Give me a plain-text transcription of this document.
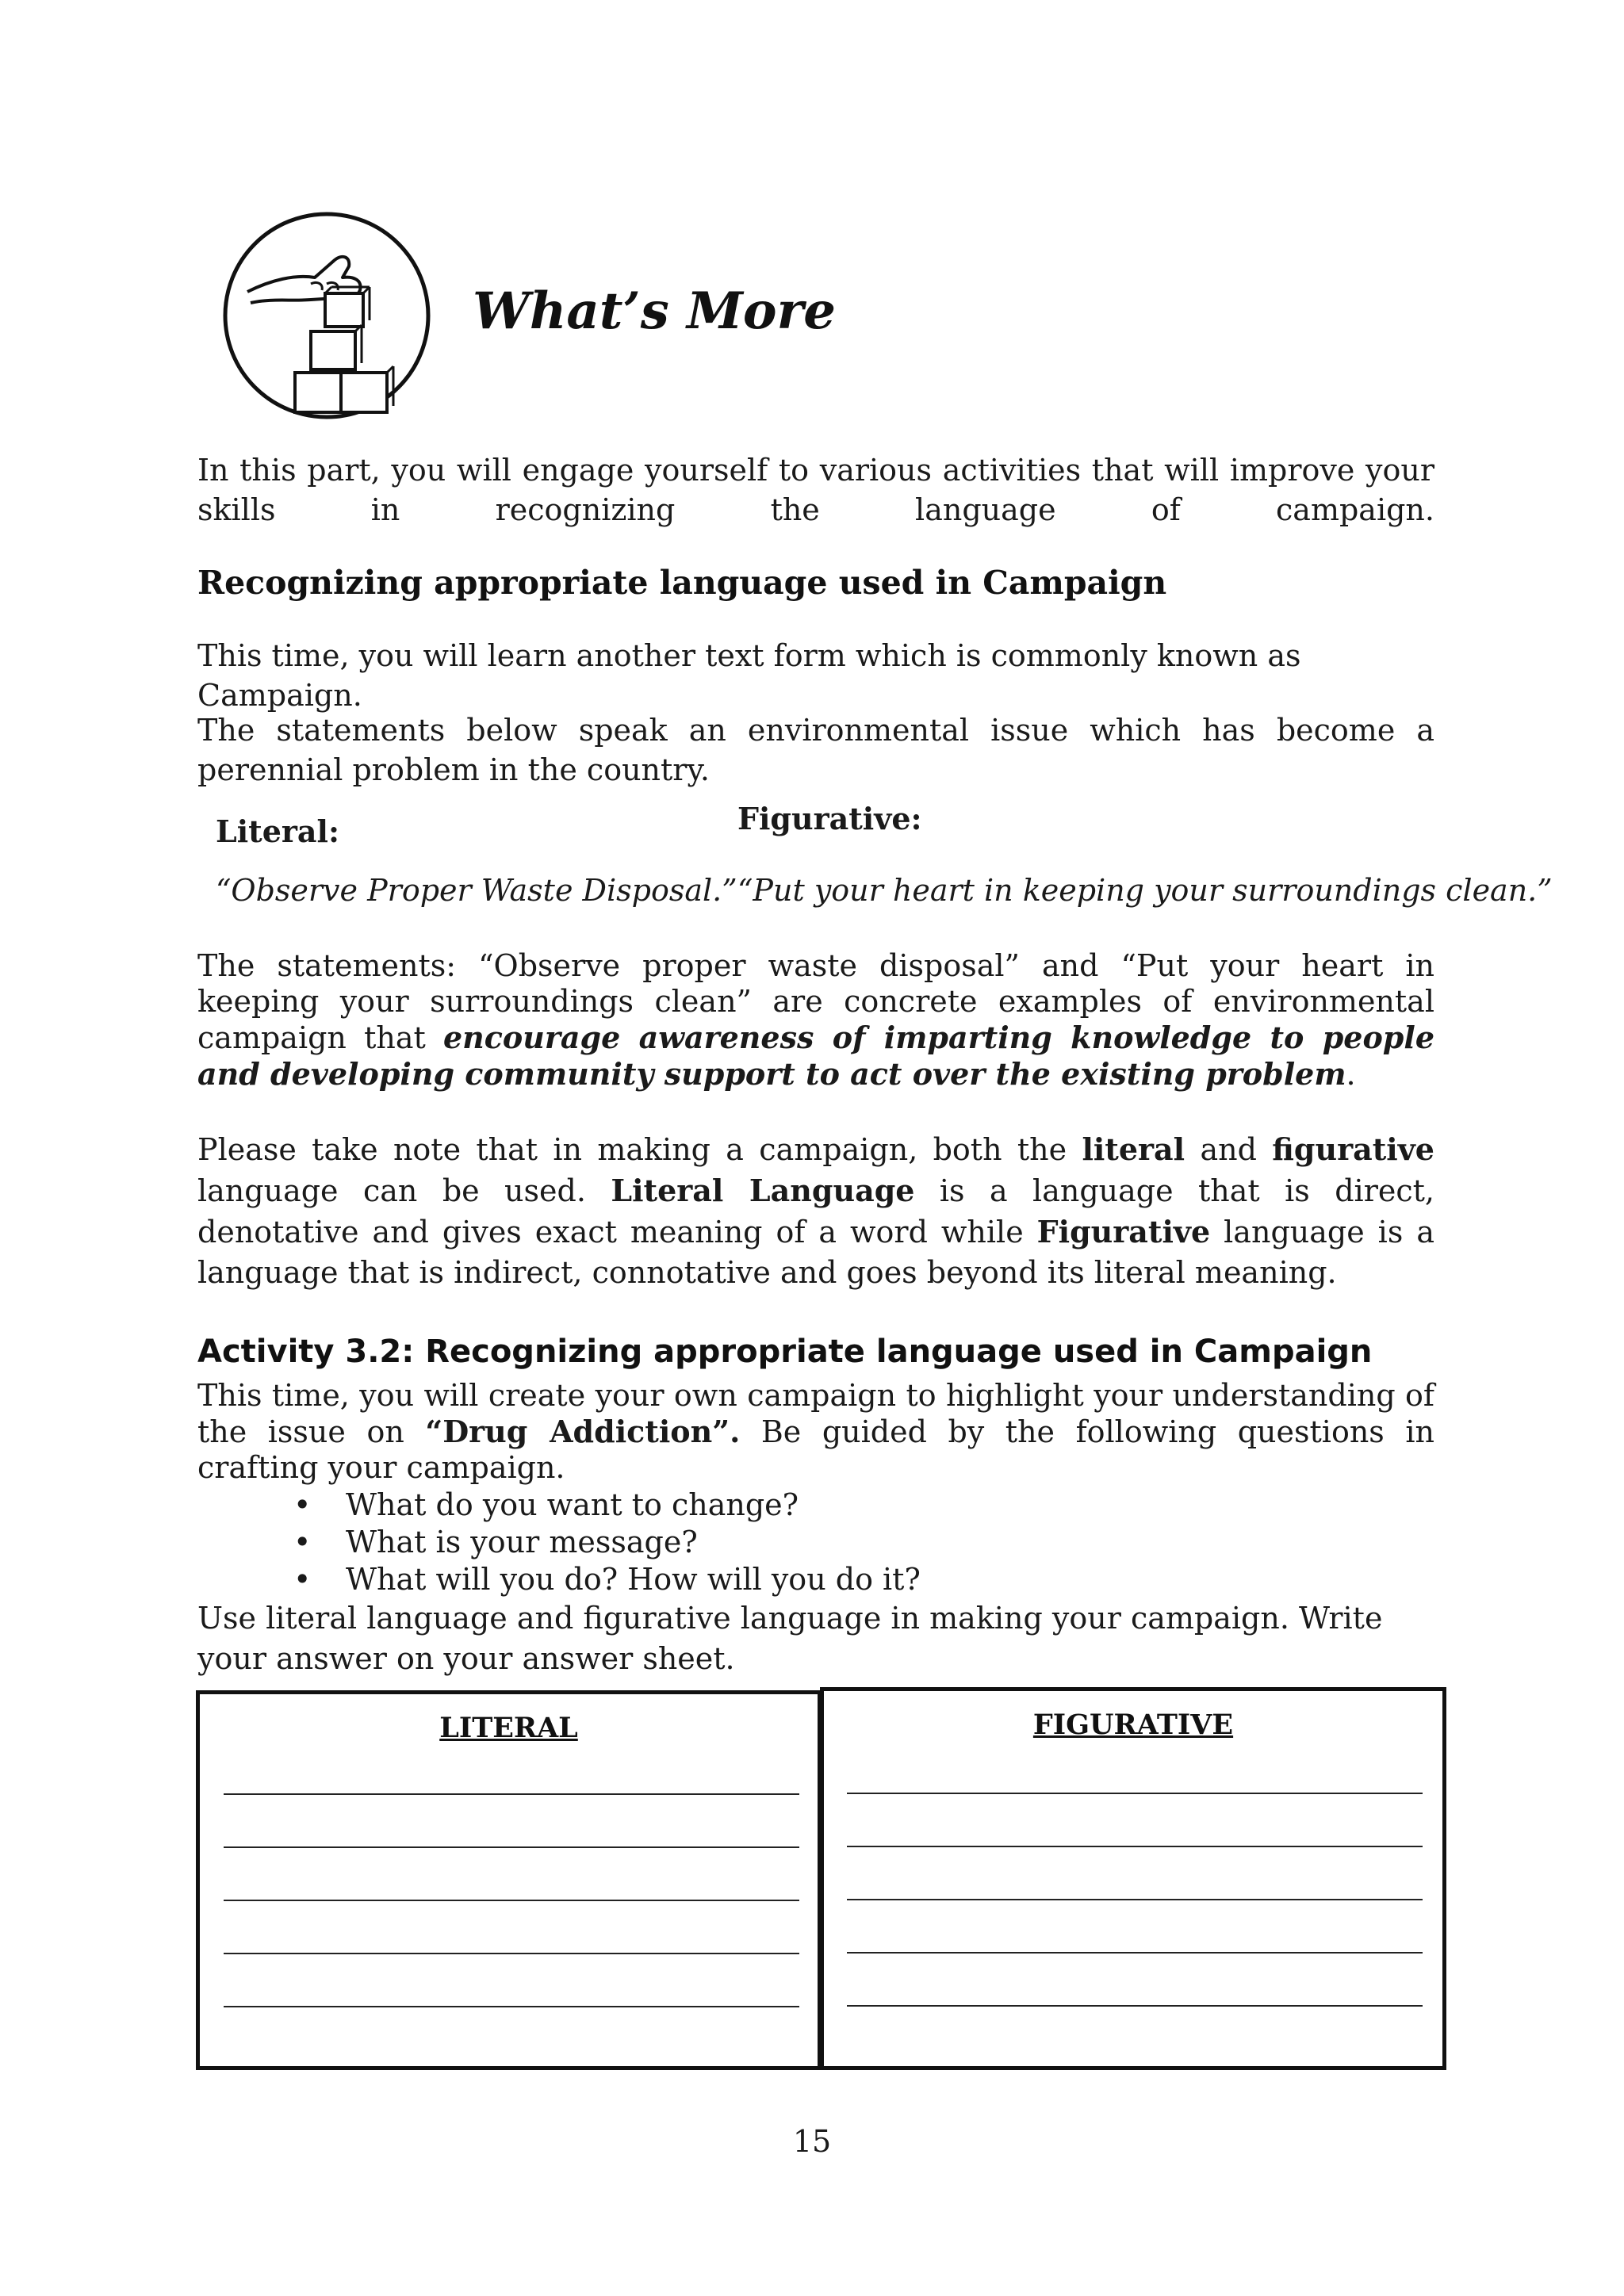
What’s More
In this part, you will engage yourself to various activities that will improve your skills in recognizing the language of campaign.
Recognizing appropriate language used in Campaign
This time, you will learn another text form which is commonly known as Campaign.
The statements below speak an environmental issue which has become a perennial problem in the country.
Literal:	Figurative:
“Observe Proper Waste Disposal.” “Put your heart in keeping your surroundings clean.”
The statements: “Observe proper waste disposal” and “Put your heart in keeping your surroundings clean” are concrete examples of environmental campaign that encourage awareness of imparting knowledge to people and developing community support to act over the existing problem.
Please take note that in making a campaign, both the literal and figurative language can be used. Literal Language is a language that is direct, denotative and gives exact meaning of a word while Figurative language is a language that is indirect, connotative and goes beyond its literal meaning.
Activity 3.2: Recognizing appropriate language used in Campaign
This time, you will create your own campaign to highlight your understanding of the issue on “Drug Addiction”. Be guided by the following questions in crafting your campaign.
•	What do you want to change?
•	What is your message?
•	What will you do? How will you do it?
Use literal language and figurative language in making your campaign. Write your answer on your answer sheet.
LITERAL	FIGURATIVE
15
